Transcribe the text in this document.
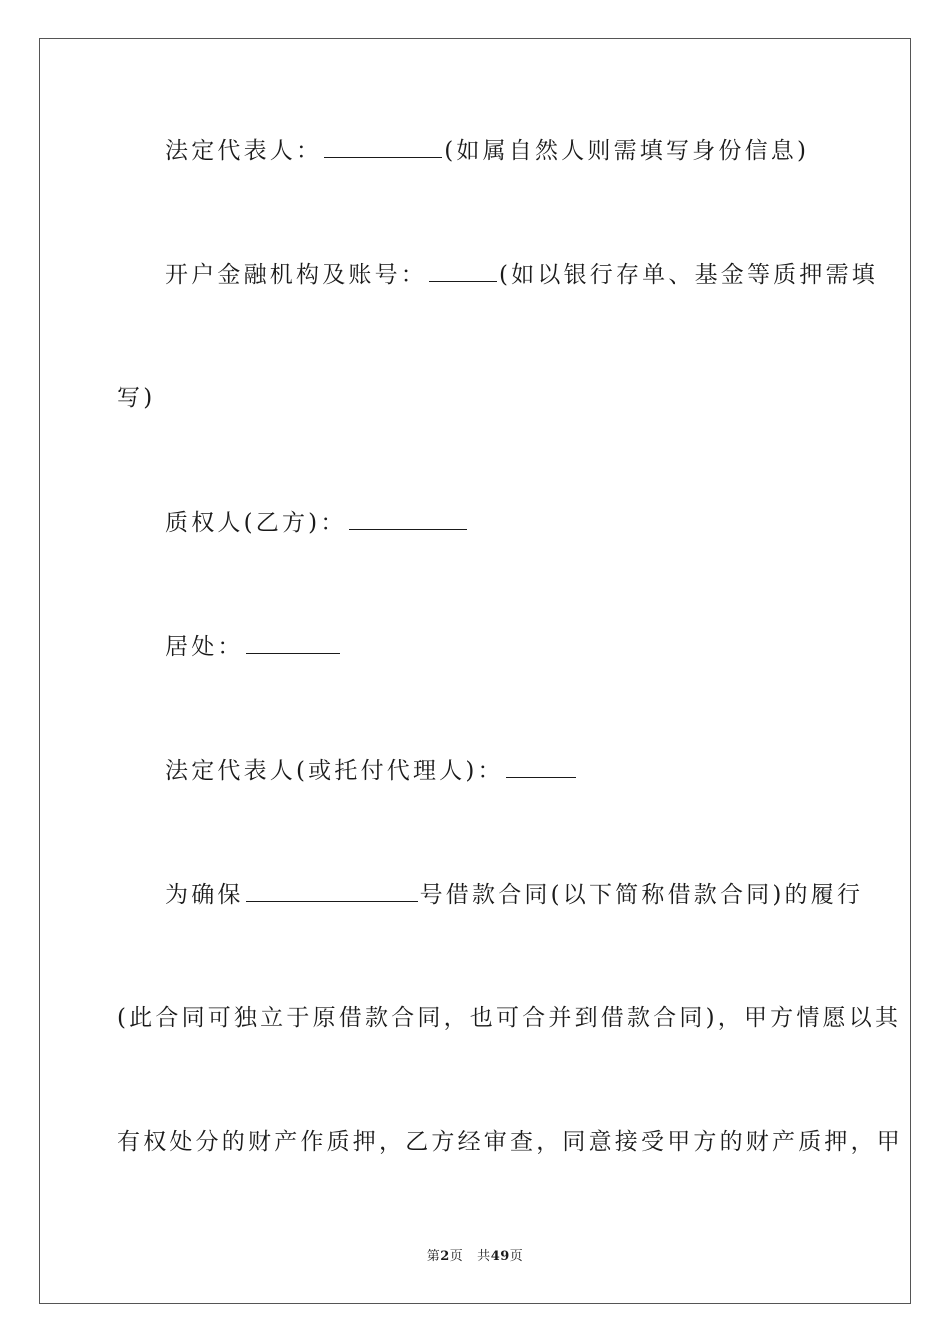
法定代表人：	(如属自然人则需填写身份信息)
开户金融机构及账号：	(如以银行存单、基金等质押需填
写)
质权人(乙方)：
居处：
法定代表人(或托付代理人)：
为确保	号借款合同(以下简称借款合同)的履行
(此合同可独立于原借款合同，也可合并到借款合同)，甲方情愿以其
有权处分的财产作质押，乙方经审查，同意接受甲方的财产质押，甲
第2页 共49页
